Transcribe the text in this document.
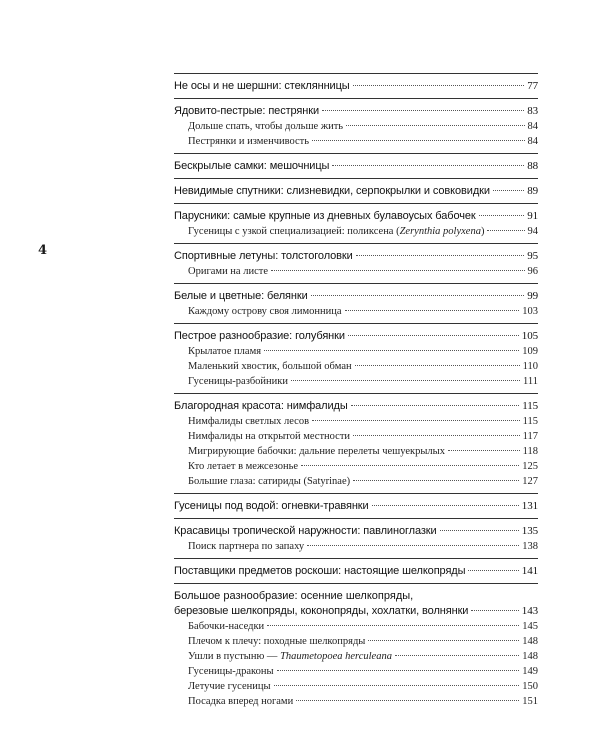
4
Не осы и не шершни: стеклянницы	77
Ядовито-пестрые: пестрянки	83
Дольше спать, чтобы дольше жить	84
Пестрянки и изменчивость	84
Бескрылые самки: мешочницы	88
Невидимые спутники: слизневидки, серпокрылки и совковидки	89
Парусники: самые крупные из дневных булавоусых бабочек	91
Гусеницы с узкой специализацией: поликсена (Zerynthia polyxena)	94
Спортивные летуны: толстоголовки	95
Оригами на листе	96
Белые и цветные: белянки	99
Каждому острову своя лимонница	103
Пестрое разнообразие: голубянки	105
Крылатое пламя	109
Маленький хвостик, большой обман	110
Гусеницы-разбойники	111
Благородная красота: нимфалиды	115
Нимфалиды светлых лесов	115
Нимфалиды на открытой местности	117
Мигрирующие бабочки: дальние перелеты чешуекрылых	118
Кто летает в межсезонье	125
Большие глаза: сатириды (Satyrinae)	127
Гусеницы под водой: огневки-травянки	131
Красавицы тропической наружности: павлиноглазки	135
Поиск партнера по запаху	138
Поставщики предметов роскоши: настоящие шелкопряды	141
Большое разнообразие: осенние шелкопряды,
березовые шелкопряды, коконопряды, хохлатки, волнянки	143
Бабочки-наседки	145
Плечом к плечу: походные шелкопряды	148
Ушли в пустыню — Thaumetopoea herculeana	148
Гусеницы-драконы	149
Летучие гусеницы	150
Посадка вперед ногами	151
